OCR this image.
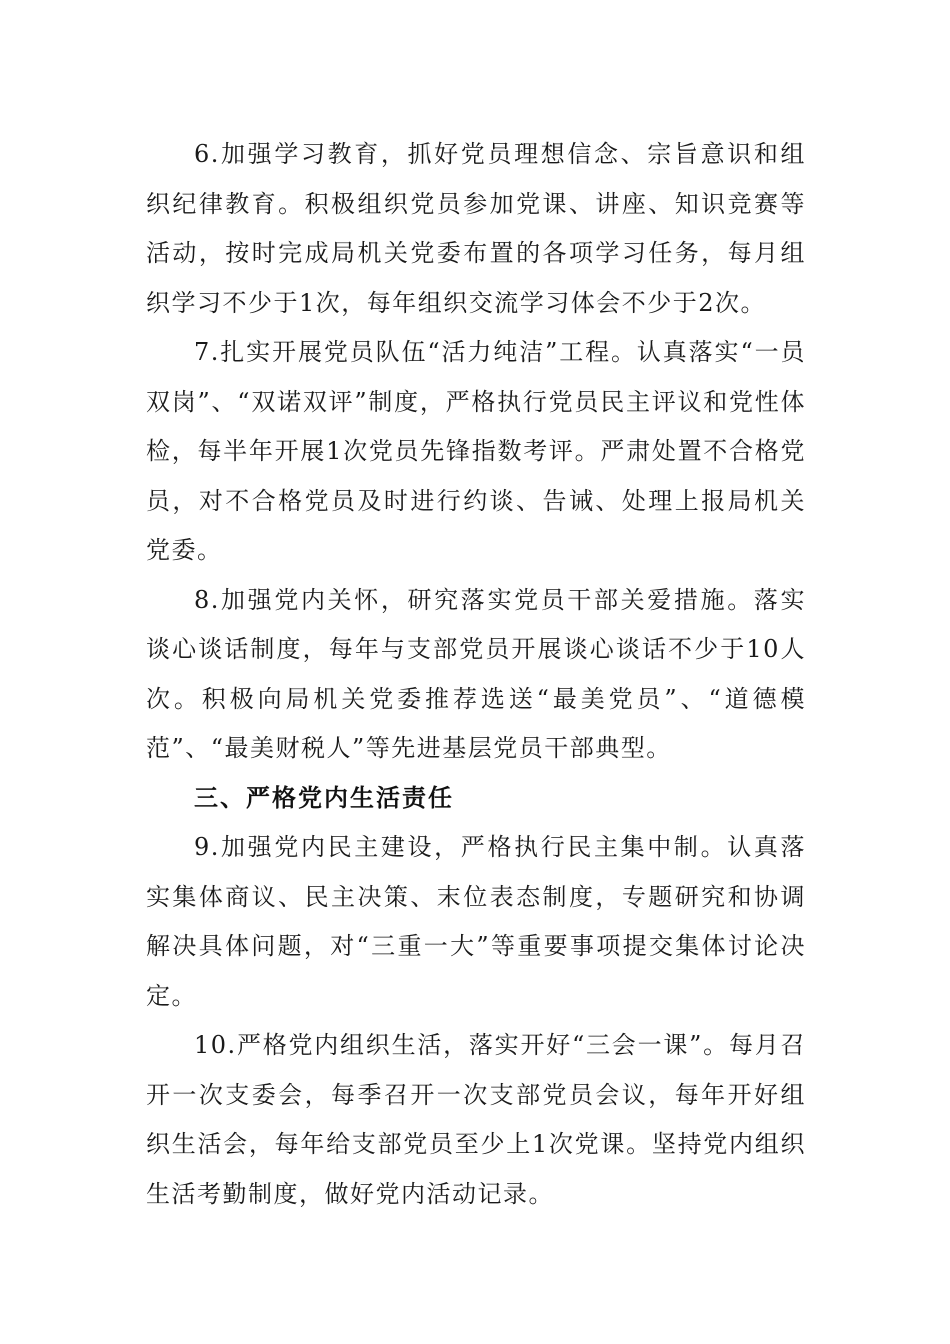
6.加强学习教育，抓好党员理想信念、宗旨意识和组织纪律教育。积极组织党员参加党课、讲座、知识竞赛等活动，按时完成局机关党委布置的各项学习任务，每月组织学习不少于1次，每年组织交流学习体会不少于2次。

7.扎实开展党员队伍“活力纯洁”工程。认真落实“一员双岗”、“双诺双评”制度，严格执行党员民主评议和党性体检，每半年开展1次党员先锋指数考评。严肃处置不合格党员，对不合格党员及时进行约谈、告诫、处理上报局机关党委。

8.加强党内关怀，研究落实党员干部关爱措施。落实谈心谈话制度，每年与支部党员开展谈心谈话不少于10人次。积极向局机关党委推荐选送“最美党员”、“道德模范”、“最美财税人”等先进基层党员干部典型。

三、严格党内生活责任

9.加强党内民主建设，严格执行民主集中制。认真落实集体商议、民主决策、末位表态制度，专题研究和协调解决具体问题，对“三重一大”等重要事项提交集体讨论决定。

10.严格党内组织生活，落实开好“三会一课”。每月召开一次支委会，每季召开一次支部党员会议，每年开好组织生活会，每年给支部党员至少上1次党课。坚持党内组织生活考勤制度，做好党内活动记录。
